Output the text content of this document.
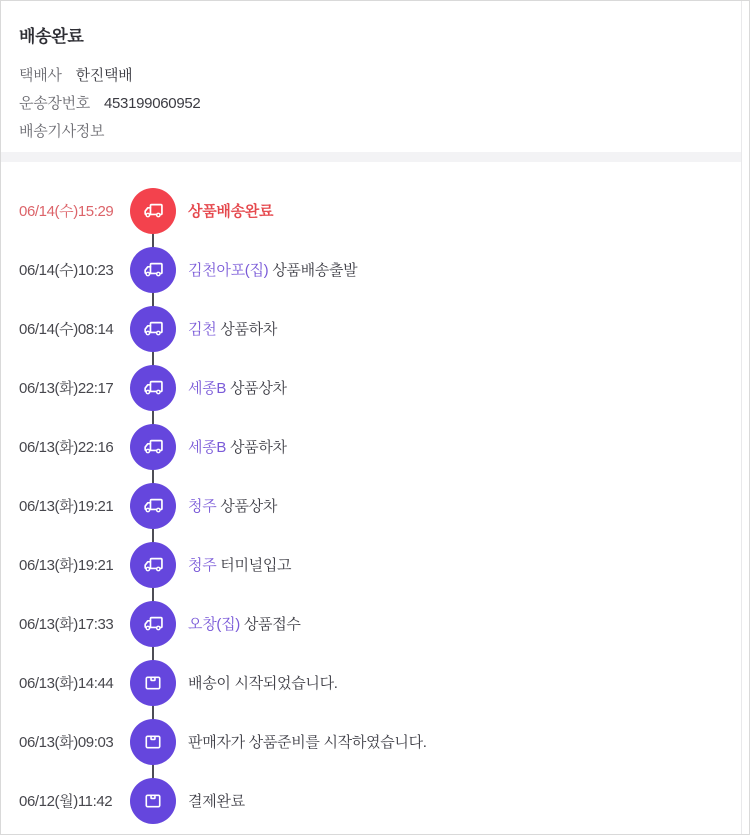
배송완료
택배사 한진택배
운송장번호 453199060952
배송기사정보
06/14(수)15:29	상품배송완료
06/14(수)10:23	김천아포(집) 상품배송출발
06/14(수)08:14	김천 상품하차
06/13(화)22:17	세종B 상품상차
06/13(화)22:16	세종B 상품하차
06/13(화)19:21	청주 상품상차
06/13(화)19:21	청주 터미널입고
06/13(화)17:33	오창(집) 상품접수
06/13(화)14:44	배송이 시작되었습니다.
06/13(화)09:03	판매자가 상품준비를 시작하였습니다.
06/12(월)11:42	결제완료
